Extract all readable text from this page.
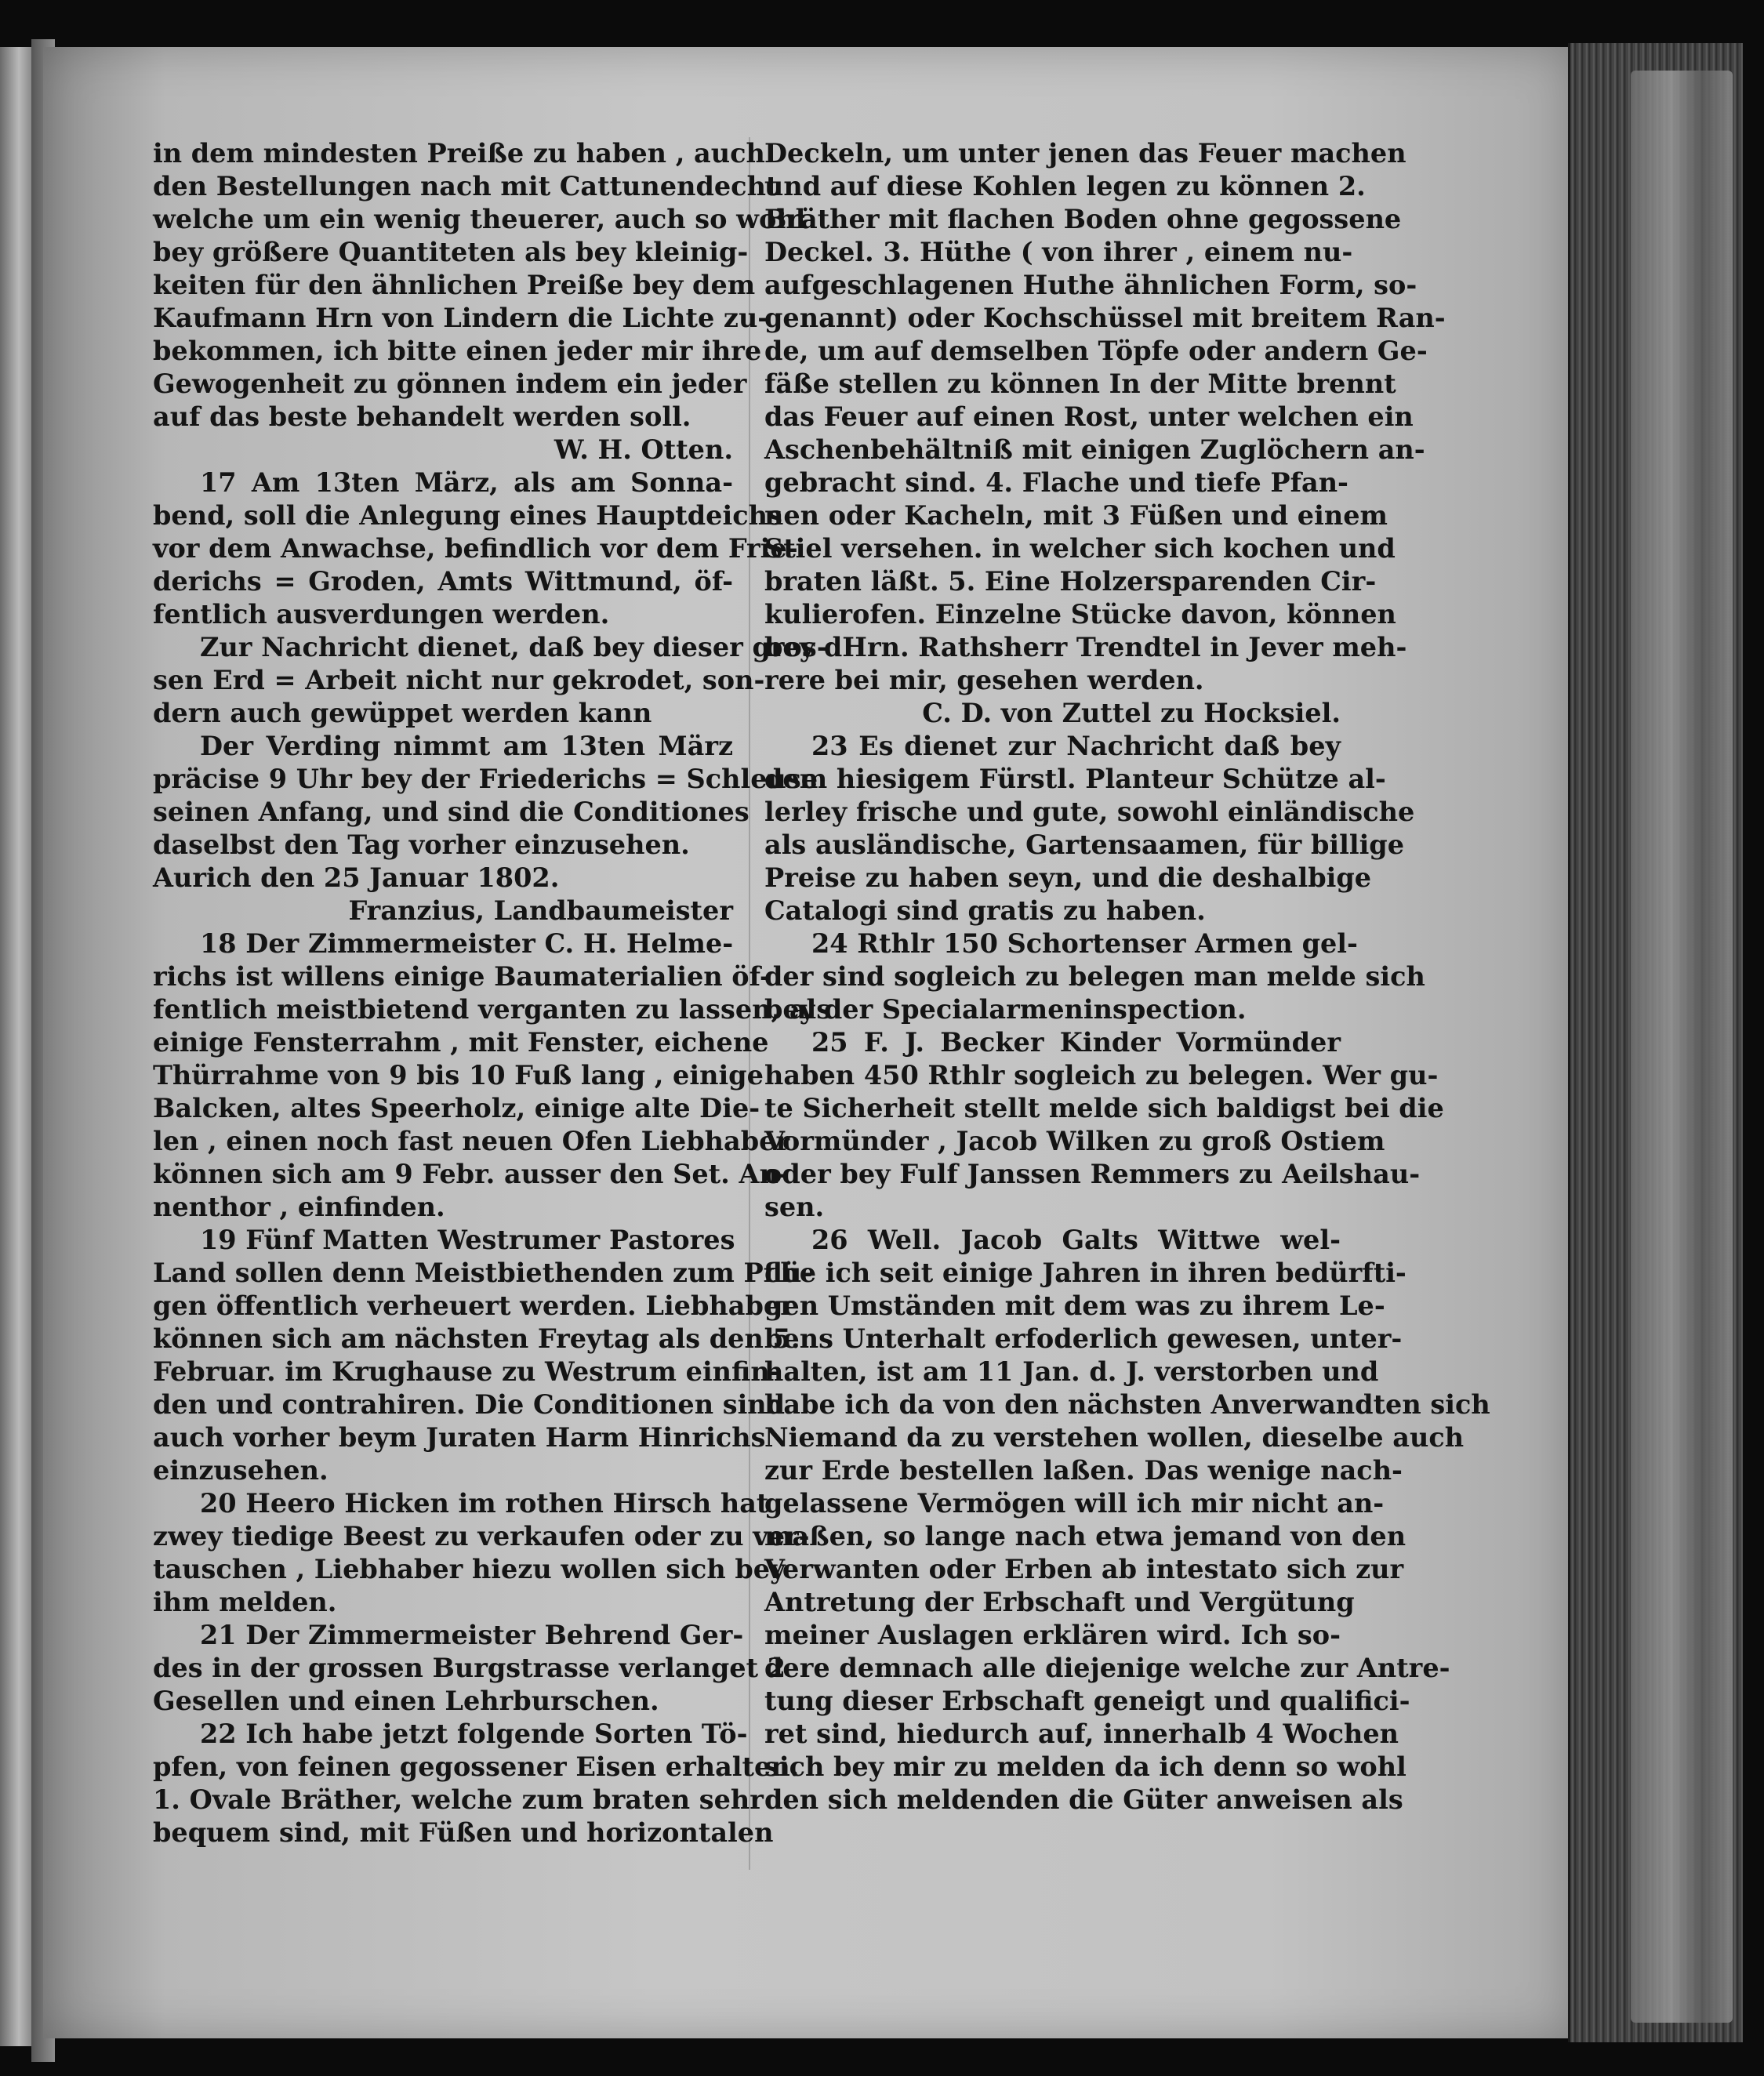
in dem mindesten Preiße zu haben , auch
den Bestellungen nach mit Cattunendecht
welche um ein wenig theuerer, auch so wohl
bey größere Quantiteten als bey kleinig-
keiten für den ähnlichen Preiße bey dem
Kaufmann Hrn von Lindern die Lichte zu-
bekommen, ich bitte einen jeder mir ihre
Gewogenheit zu gönnen indem ein jeder
auf das beste behandelt werden soll.
W. H. Otten.
17 Am 13ten März, als am Sonna-
bend, soll die Anlegung eines Hauptdeichs
vor dem Anwachse, befindlich vor dem Frie-
derichs = Groden, Amts Wittmund, öf-
fentlich ausverdungen werden.
Zur Nachricht dienet, daß bey dieser gros-
sen Erd = Arbeit nicht nur gekrodet, son-
dern auch gewüppet werden kann
Der Verding nimmt am 13ten März
präcise 9 Uhr bey der Friederichs = Schleuse
seinen Anfang, und sind die Conditiones
daselbst den Tag vorher einzusehen.
Aurich den 25 Januar 1802.
Franzius, Landbaumeister
18 Der Zimmermeister C. H. Helme-
richs ist willens einige Baumaterialien öf-
fentlich meistbietend verganten zu lassen, als
einige Fensterrahm , mit Fenster, eichene
Thürrahme von 9 bis 10 Fuß lang , einige
Balcken, altes Speerholz, einige alte Die-
len , einen noch fast neuen Ofen Liebhaber
können sich am 9 Febr. ausser den Set. An-
nenthor , einfinden.
19 Fünf Matten Westrumer Pastores
Land sollen denn Meistbiethenden zum Pflü-
gen öffentlich verheuert werden. Liebhaber
können sich am nächsten Freytag als den 5.
Februar. im Krughause zu Westrum einfin-
den und contrahiren. Die Conditionen sind
auch vorher beym Juraten Harm Hinrichs
einzusehen.
20 Heero Hicken im rothen Hirsch hat
zwey tiedige Beest zu verkaufen oder zu ver-
tauschen , Liebhaber hiezu wollen sich bey
ihm melden.
21 Der Zimmermeister Behrend Ger-
des in der grossen Burgstrasse verlanget 2
Gesellen und einen Lehrburschen.
22 Ich habe jetzt folgende Sorten Tö-
pfen, von feinen gegossener Eisen erhalten.
1. Ovale Bräther, welche zum braten sehr
bequem sind, mit Füßen und horizontalen
Deckeln, um unter jenen das Feuer machen
und auf diese Kohlen legen zu können 2.
Bräther mit flachen Boden ohne gegossene
Deckel. 3. Hüthe ( von ihrer , einem nu-
aufgeschlagenen Huthe ähnlichen Form, so-
genannt) oder Kochschüssel mit breitem Ran-
de, um auf demselben Töpfe oder andern Ge-
fäße stellen zu können In der Mitte brennt
das Feuer auf einen Rost, unter welchen ein
Aschenbehältniß mit einigen Zuglöchern an-
gebracht sind. 4. Flache und tiefe Pfan-
nen oder Kacheln, mit 3 Füßen und einem
Stiel versehen. in welcher sich kochen und
braten läßt. 5. Eine Holzersparenden Cir-
kulierofen. Einzelne Stücke davon, können
bey dHrn. Rathsherr Trendtel in Jever meh-
rere bei mir, gesehen werden.
C. D. von Zuttel zu Hocksiel.
23 Es dienet zur Nachricht daß bey
dem hiesigem Fürstl. Planteur Schütze al-
lerley frische und gute, sowohl einländische
als ausländische, Gartensaamen, für billige
Preise zu haben seyn, und die deshalbige
Catalogi sind gratis zu haben.
24 Rthlr 150 Schortenser Armen gel-
der sind sogleich zu belegen man melde sich
bey der Specialarmeninspection.
25 F. J. Becker Kinder Vormünder
haben 450 Rthlr sogleich zu belegen. Wer gu-
te Sicherheit stellt melde sich baldigst bei die
Vormünder , Jacob Wilken zu groß Ostiem
oder bey Fulf Janssen Remmers zu Aeilshau-
sen.
26 Well. Jacob Galts Wittwe wel-
che ich seit einige Jahren in ihren bedürfti-
gen Umständen mit dem was zu ihrem Le-
bens Unterhalt erfoderlich gewesen, unter-
halten, ist am 11 Jan. d. J. verstorben und
habe ich da von den nächsten Anverwandten sich
Niemand da zu verstehen wollen, dieselbe auch
zur Erde bestellen laßen. Das wenige nach-
gelassene Vermögen will ich mir nicht an-
maßen, so lange nach etwa jemand von den
Verwanten oder Erben ab intestato sich zur
Antretung der Erbschaft und Vergütung
meiner Auslagen erklären wird. Ich so-
dere demnach alle diejenige welche zur Antre-
tung dieser Erbschaft geneigt und qualifici-
ret sind, hiedurch auf, innerhalb 4 Wochen
sich bey mir zu melden da ich denn so wohl
den sich meldenden die Güter anweisen als
